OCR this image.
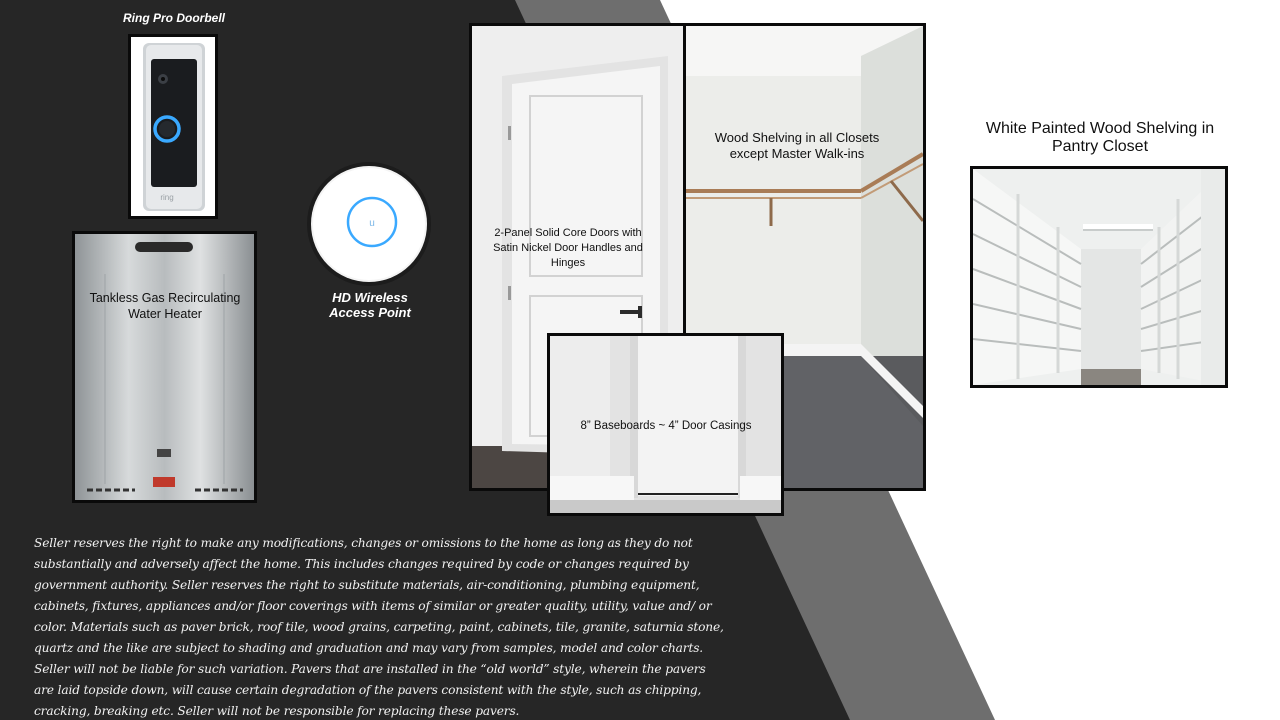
Ring Pro Doorbell
ring
Tankless Gas Recirculating Water Heater
u
HD Wireless Access Point
2-Panel Solid Core Doors with Satin Nickel Door Handles and Hinges
Wood Shelving in all Closets except Master Walk-ins
8” Baseboards ~ 4” Door Casings
White Painted Wood Shelving in Pantry Closet
Seller reserves the right to make any modifications, changes or omissions to the home as long as they do not substantially and adversely affect the home. This includes changes required by code or changes required by government authority. Seller reserves the right to substitute materials, air-conditioning, plumbing equipment, cabinets, fixtures, appliances and/or floor coverings with items of similar or greater quality, utility, value and/ or color. Materials such as paver brick, roof tile, wood grains, carpeting, paint, cabinets, tile, granite, saturnia stone, quartz and the like are subject to shading and graduation and may vary from samples, model and color charts. Seller will not be liable for such variation. Pavers that are installed in the “old world” style, wherein the pavers are laid topside down, will cause certain degradation of the pavers consistent with the style, such as chipping, cracking, breaking etc. Seller will not be responsible for replacing these pavers.
